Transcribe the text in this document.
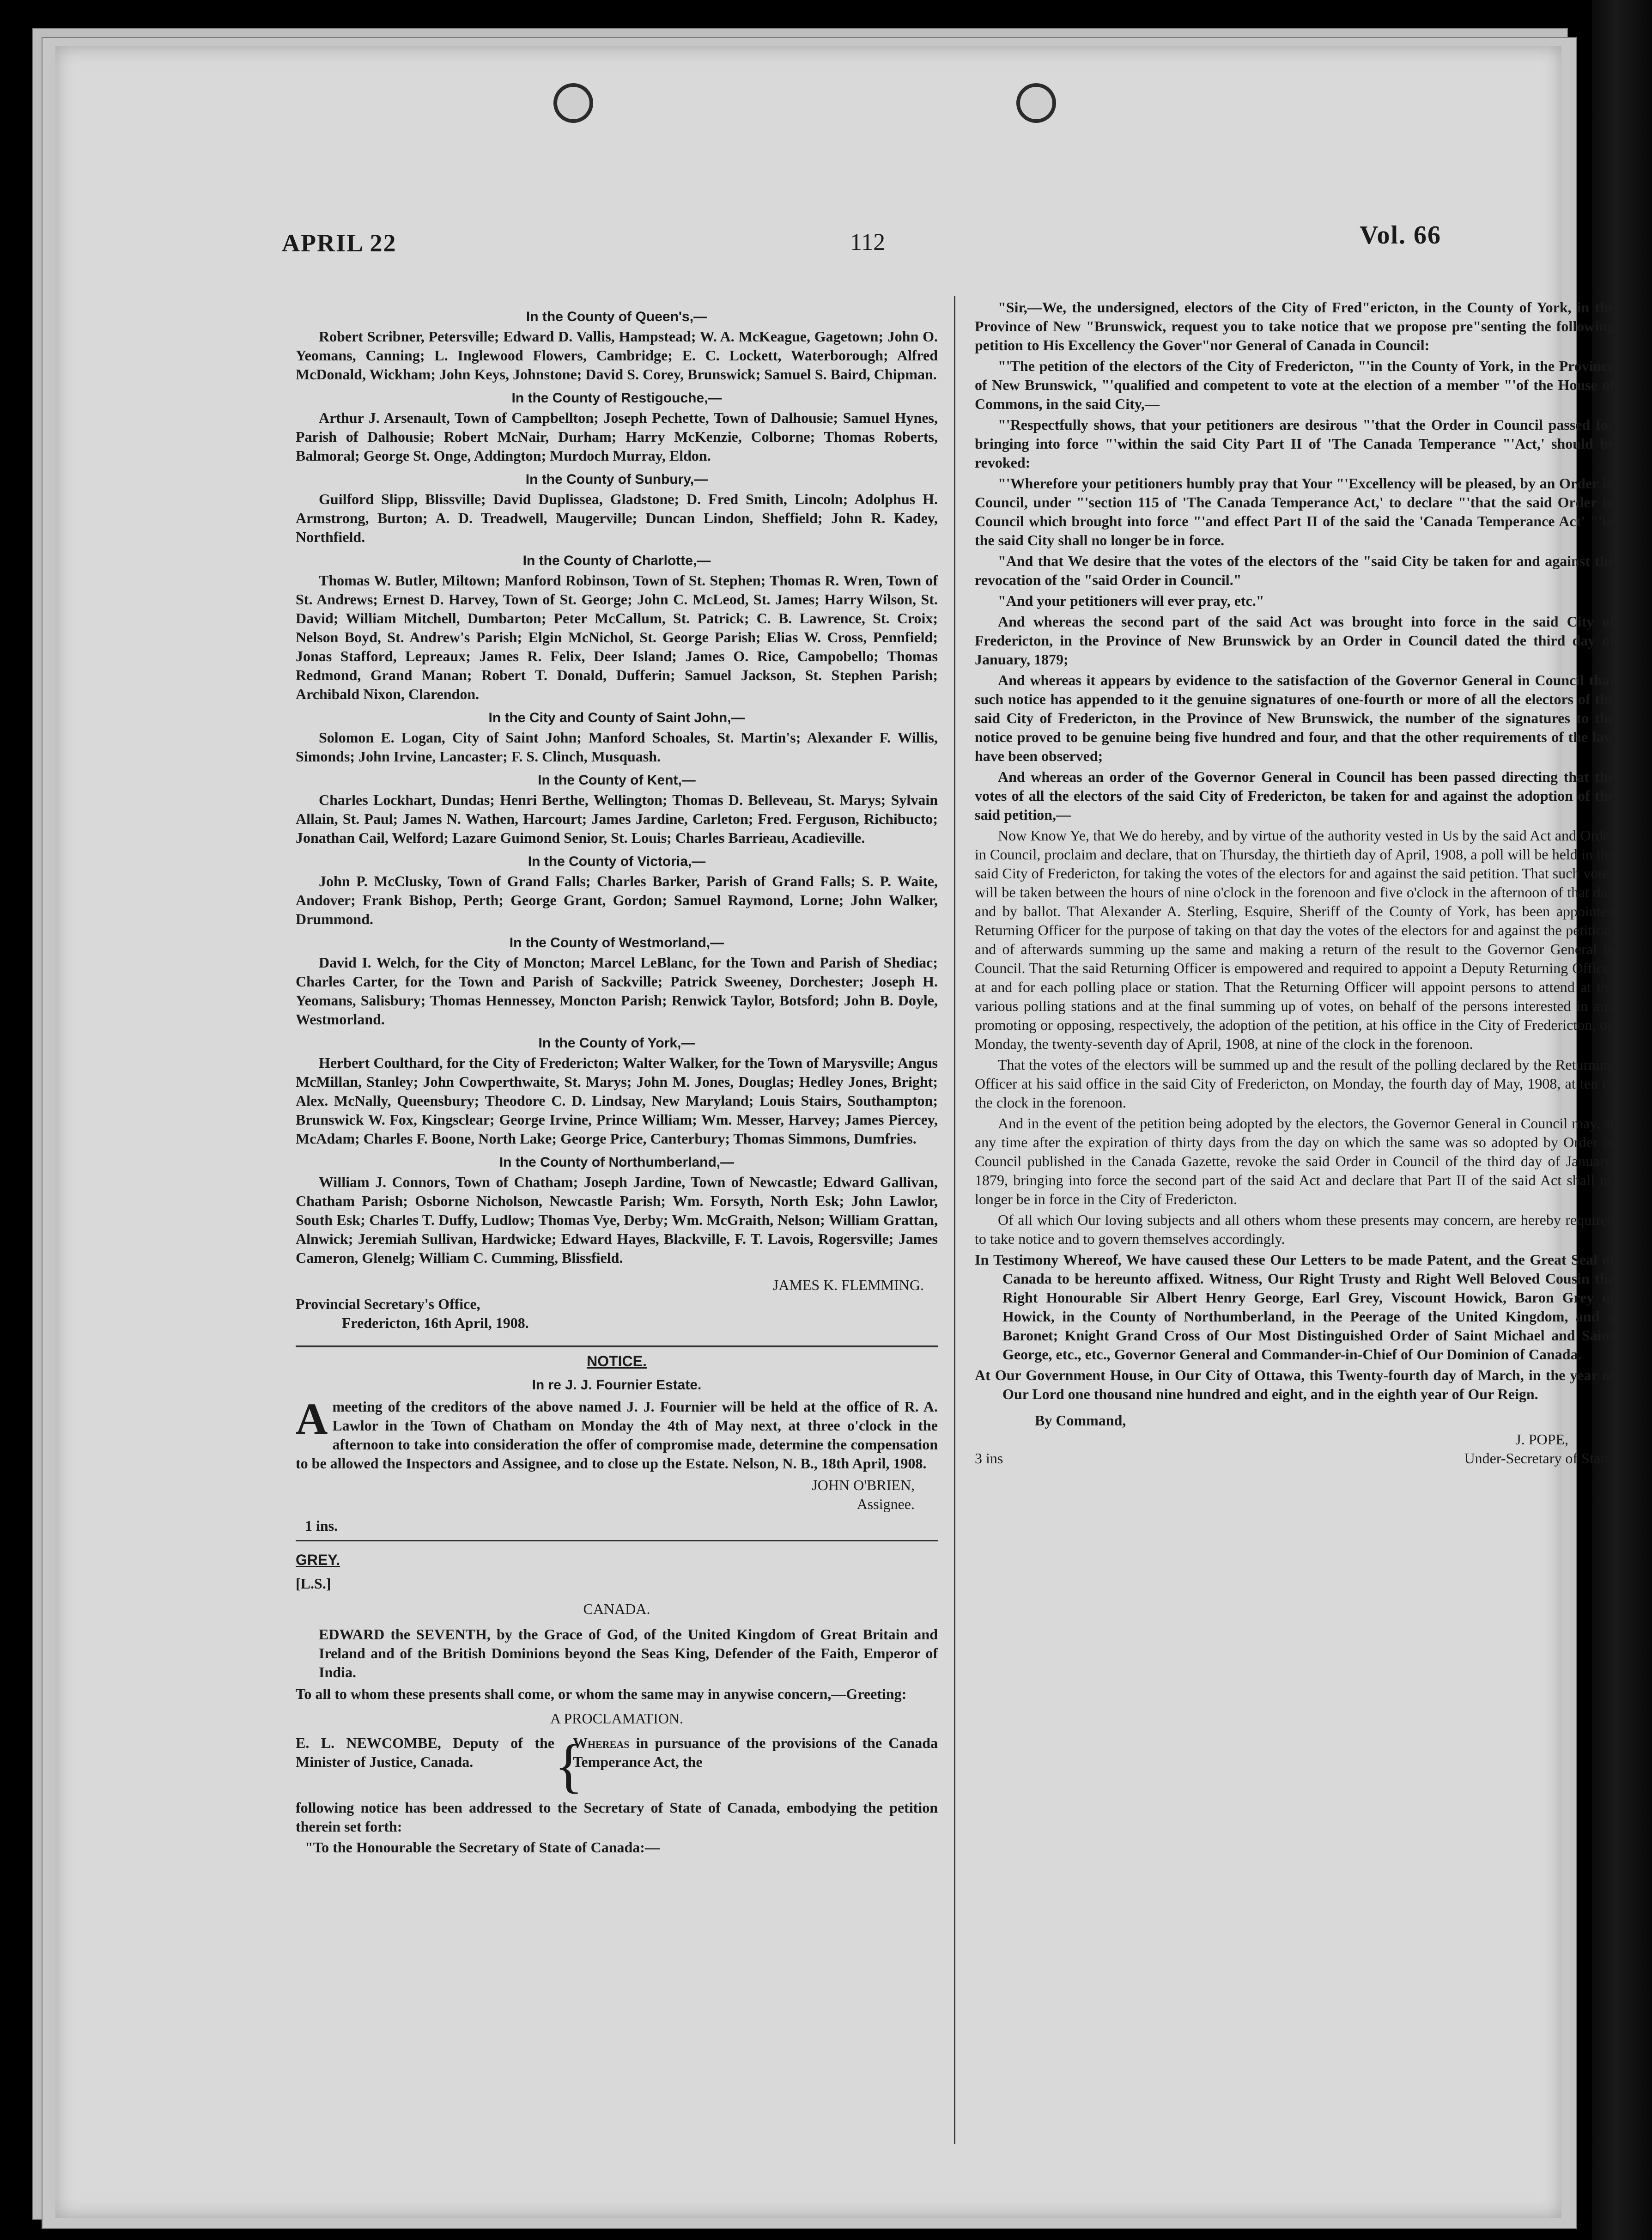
APRIL 22	112	Vol. 66
In the County of Queen's,—
Robert Scribner, Petersville; Edward D. Vallis, Hampstead; W. A. McKeague, Gagetown; John O. Yeomans, Canning; L. Inglewood Flowers, Cambridge; E. C. Lockett, Waterborough; Alfred McDonald, Wickham; John Keys, Johnstone; David S. Corey, Brunswick; Samuel S. Baird, Chipman.
In the County of Restigouche,—
Arthur J. Arsenault, Town of Campbellton; Joseph Pechette, Town of Dalhousie; Samuel Hynes, Parish of Dalhousie; Robert McNair, Durham; Harry McKenzie, Colborne; Thomas Roberts, Balmoral; George St. Onge, Addington; Murdoch Murray, Eldon.
In the County of Sunbury,—
Guilford Slipp, Blissville; David Duplissea, Gladstone; D. Fred Smith, Lincoln; Adolphus H. Armstrong, Burton; A. D. Treadwell, Maugerville; Duncan Lindon, Sheffield; John R. Kadey, Northfield.
In the County of Charlotte,—
Thomas W. Butler, Miltown; Manford Robinson, Town of St. Stephen; Thomas R. Wren, Town of St. Andrews; Ernest D. Harvey, Town of St. George; John C. McLeod, St. James; Harry Wilson, St. David; William Mitchell, Dumbarton; Peter McCallum, St. Patrick; C. B. Lawrence, St. Croix; Nelson Boyd, St. Andrew's Parish; Elgin McNichol, St. George Parish; Elias W. Cross, Pennfield; Jonas Stafford, Lepreaux; James R. Felix, Deer Island; James O. Rice, Campobello; Thomas Redmond, Grand Manan; Robert T. Donald, Dufferin; Samuel Jackson, St. Stephen Parish; Archibald Nixon, Clarendon.
In the City and County of Saint John,—
Solomon E. Logan, City of Saint John; Manford Schoales, St. Martin's; Alexander F. Willis, Simonds; John Irvine, Lancaster; F. S. Clinch, Musquash.
In the County of Kent,—
Charles Lockhart, Dundas; Henri Berthe, Wellington; Thomas D. Belleveau, St. Marys; Sylvain Allain, St. Paul; James N. Wathen, Harcourt; James Jardine, Carleton; Fred. Ferguson, Richibucto; Jonathan Cail, Welford; Lazare Guimond Senior, St. Louis; Charles Barrieau, Acadieville.
In the County of Victoria,—
John P. McClusky, Town of Grand Falls; Charles Barker, Parish of Grand Falls; S. P. Waite, Andover; Frank Bishop, Perth; George Grant, Gordon; Samuel Raymond, Lorne; John Walker, Drummond.
In the County of Westmorland,—
David I. Welch, for the City of Moncton; Marcel LeBlanc, for the Town and Parish of Shediac; Charles Carter, for the Town and Parish of Sackville; Patrick Sweeney, Dorchester; Joseph H. Yeomans, Salisbury; Thomas Hennessey, Moncton Parish; Renwick Taylor, Botsford; John B. Doyle, Westmorland.
In the County of York,—
Herbert Coulthard, for the City of Fredericton; Walter Walker, for the Town of Marysville; Angus McMillan, Stanley; John Cowperthwaite, St. Marys; John M. Jones, Douglas; Hedley Jones, Bright; Alex. McNally, Queensbury; Theodore C. D. Lindsay, New Maryland; Louis Stairs, Southampton; Brunswick W. Fox, Kingsclear; George Irvine, Prince William; Wm. Messer, Harvey; James Piercey, McAdam; Charles F. Boone, North Lake; George Price, Canterbury; Thomas Simmons, Dumfries.
In the County of Northumberland,—
William J. Connors, Town of Chatham; Joseph Jardine, Town of Newcastle; Edward Gallivan, Chatham Parish; Osborne Nicholson, Newcastle Parish; Wm. Forsyth, North Esk; John Lawlor, South Esk; Charles T. Duffy, Ludlow; Thomas Vye, Derby; Wm. McGraith, Nelson; William Grattan, Alnwick; Jeremiah Sullivan, Hardwicke; Edward Hayes, Blackville, F. T. Lavois, Rogersville; James Cameron, Glenelg; William C. Cumming, Blissfield.
JAMES K. FLEMMING.
Provincial Secretary's Office,
Fredericton, 16th April, 1908.
NOTICE.
In re J. J. Fournier Estate.
A meeting of the creditors of the above named J. J. Fournier will be held at the office of R. A. Lawlor in the Town of Chatham on Monday the 4th of May next, at three o'clock in the afternoon to take into consideration the offer of compromise made, determine the compensation to be allowed the Inspectors and Assignee, and to close up the Estate. Nelson, N. B., 18th April, 1908.
JOHN O'BRIEN,
Assignee.
1 ins.
GREY.
[L.S.]
CANADA.
EDWARD the SEVENTH, by the Grace of God, of the United Kingdom of Great Britain and Ireland and of the British Dominions beyond the Seas King, Defender of the Faith, Emperor of India.
To all to whom these presents shall come, or whom the same may in anywise concern,—Greeting:
A PROCLAMATION.
E. L. NEWCOMBE, Deputy of the Minister of Justice, Canada.	{
Whereas in pursuance of the provisions of the Canada Temperance Act, the
following notice has been addressed to the Secretary of State of Canada, embodying the petition therein set forth:
"To the Honourable the Secretary of State of Canada:—

"Sir,—We, the undersigned, electors of the City of Fred"ericton, in the County of York, in the Province of New "Brunswick, request you to take notice that we propose pre"senting the following petition to His Excellency the Gover"nor General of Canada in Council:

"'The petition of the electors of the City of Fredericton, "'in the County of York, in the Province of New Brunswick, "'qualified and competent to vote at the election of a member "'of the House of Commons, in the said City,—

"'Respectfully shows, that your petitioners are desirous "'that the Order in Council passed for bringing into force "'within the said City Part II of 'The Canada Temperance "'Act,' should be revoked:

"'Wherefore your petitioners humbly pray that Your "'Excellency will be pleased, by an Order in Council, under "'section 115 of 'The Canada Temperance Act,' to declare "'that the said Order in Council which brought into force "'and effect Part II of the said the 'Canada Temperance Act' "'in the said City shall no longer be in force.

"And that We desire that the votes of the electors of the "said City be taken for and against the revocation of the "said Order in Council."

"And your petitioners will ever pray, etc."

And whereas the second part of the said Act was brought into force in the said City of Fredericton, in the Province of New Brunswick by an Order in Council dated the third day of January, 1879;

And whereas it appears by evidence to the satisfaction of the Governor General in Council that such notice has appended to it the genuine signatures of one-fourth or more of all the electors of the said City of Fredericton, in the Province of New Brunswick, the number of the signatures to the notice proved to be genuine being five hundred and four, and that the other requirements of the law have been observed;

And whereas an order of the Governor General in Council has been passed directing that the votes of all the electors of the said City of Fredericton, be taken for and against the adoption of the said petition,—

Now Know Ye, that We do hereby, and by virtue of the authority vested in Us by the said Act and Order in Council, proclaim and declare, that on Thursday, the thirtieth day of April, 1908, a poll will be held in the said City of Fredericton, for taking the votes of the electors for and against the said petition. That such votes will be taken between the hours of nine o'clock in the forenoon and five o'clock in the afternoon of that day and by ballot. That Alexander A. Sterling, Esquire, Sheriff of the County of York, has been appointed Returning Officer for the purpose of taking on that day the votes of the electors for and against the petition, and of afterwards summing up the same and making a return of the result to the Governor General in Council. That the said Returning Officer is empowered and required to appoint a Deputy Returning Officer at and for each polling place or station. That the Returning Officer will appoint persons to attend at the various polling stations and at the final summing up of votes, on behalf of the persons interested in and promoting or opposing, respectively, the adoption of the petition, at his office in the City of Fredericton, on Monday, the twenty-seventh day of April, 1908, at nine of the clock in the forenoon.

That the votes of the electors will be summed up and the result of the polling declared by the Returning Officer at his said office in the said City of Fredericton, on Monday, the fourth day of May, 1908, at ten of the clock in the forenoon.

And in the event of the petition being adopted by the electors, the Governor General in Council may, at any time after the expiration of thirty days from the day on which the same was so adopted by Order in Council published in the Canada Gazette, revoke the said Order in Council of the third day of January, 1879, bringing into force the second part of the said Act and declare that Part II of the said Act shall no longer be in force in the City of Fredericton.

Of all which Our loving subjects and all others whom these presents may concern, are hereby required to take notice and to govern themselves accordingly.

In Testimony Whereof, We have caused these Our Letters to be made Patent, and the Great Seal of Canada to be hereunto affixed. Witness, Our Right Trusty and Right Well Beloved Cousin the Right Honourable Sir Albert Henry George, Earl Grey, Viscount Howick, Baron Grey of Howick, in the County of Northumberland, in the Peerage of the United Kingdom, and a Baronet; Knight Grand Cross of Our Most Distinguished Order of Saint Michael and Saint George, etc., etc., Governor General and Commander-in-Chief of Our Dominion of Canada.

At Our Government House, in Our City of Ottawa, this Twenty-fourth day of March, in the year of Our Lord one thousand nine hundred and eight, and in the eighth year of Our Reign.

By Command,
J. POPE,
3 ins	Under-Secretary of State.
